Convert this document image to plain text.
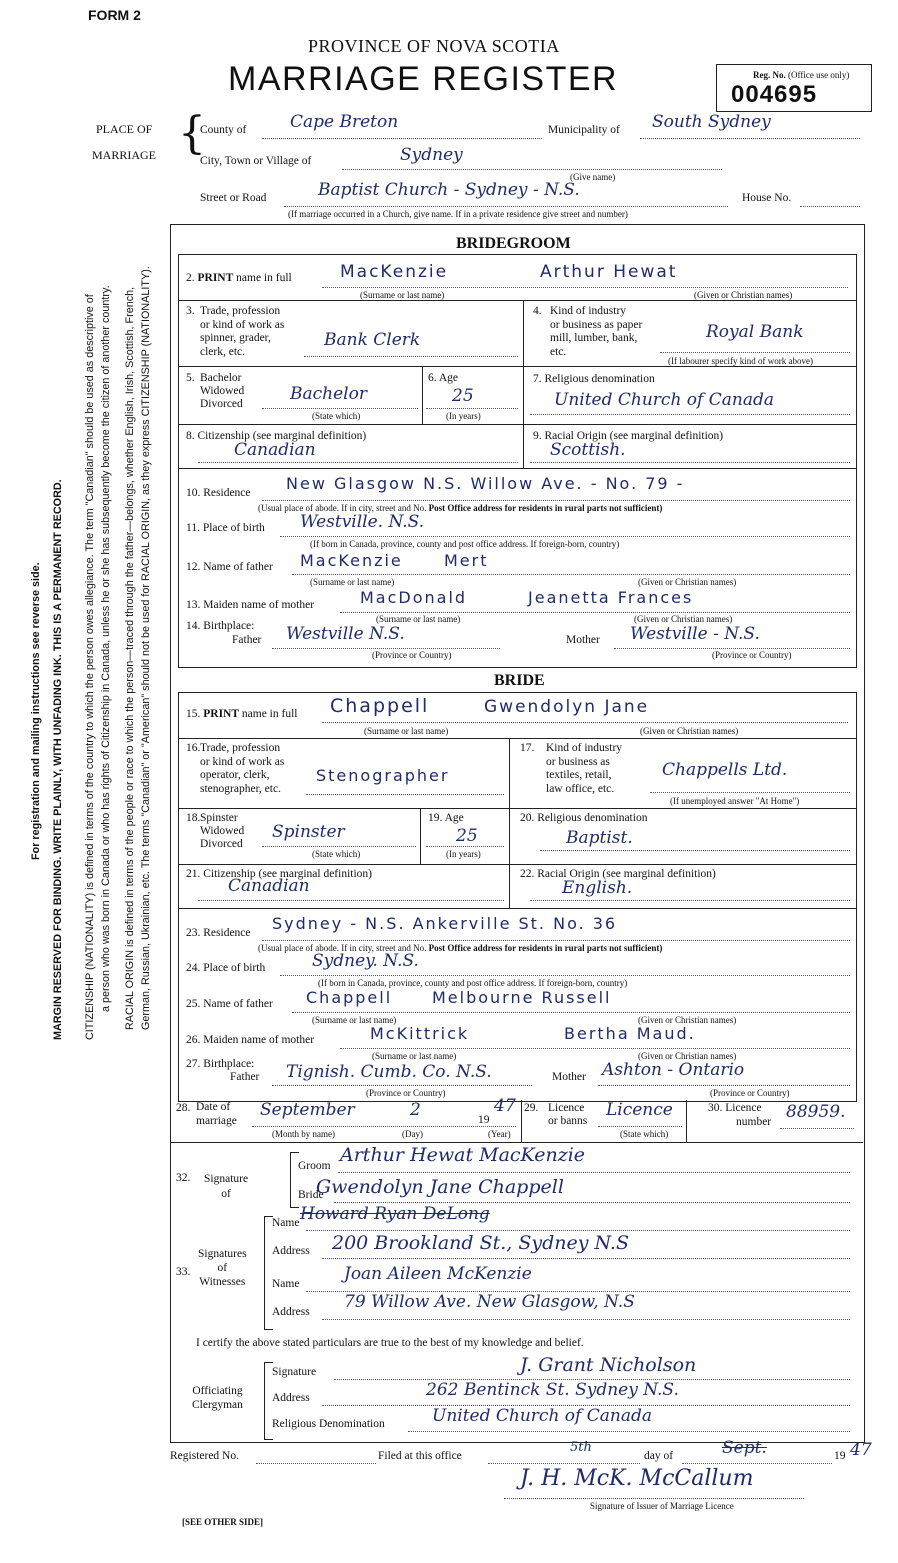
FORM 2
PROVINCE OF NOVA SCOTIA
MARRIAGE REGISTER	Reg. No. (Office use only)
004695
For registration and mailing instructions see reverse side. MARGIN RESERVED FOR BINDING. WRITE PLAINLY, WITH UNFADING INK. THIS IS A PERMANENT RECORD. CITIZENSHIP (NATIONALITY) is defined in terms of the country to which the person owes allegiance. The term "Canadian" should be used as descriptive of a person who was born in Canada or who has rights of Citizenship in Canada, unless he or she has subsequently become the citizen of another country. RACIAL ORIGIN is defined in terms of the people or race to which the person—traced through the father—belongs, whether English, Irish, Scottish, French, German, Russian, Ukrainian, etc. The terms "Canadian" or "American" should not be used for RACIAL ORIGIN, as they express CITIZENSHIP (NATIONALITY).
PLACE OF
MARRIAGE {
County of	Cape Breton	Municipality of South Sydney
City, Town or Village of	Sydney
(Give name)
Street or Road	Baptist Church - Sydney - N.S.	House No.
(If marriage occurred in a Church, give name. If in a private residence give street and number)
BRIDEGROOM
2. PRINT name in full	MacKenzie	Arthur Hewat
(Surname or last name)	(Given or Christian names)
3. Trade, profession
or kind of work as
spinner, grader,
clerk, etc.
Bank Clerk
4. Kind of industry
or business as paper
mill, lumber, bank,
etc.
Royal Bank
(If labourer specify kind of work above)
5. Bachelor
Widowed
Divorced	Bachelor
(State which)
6. Age
25
(In years)
7. Religious denomination
United Church of Canada
8. Citizenship (see marginal definition)
Canadian
9. Racial Origin (see marginal definition)
Scottish.
10. Residence New Glasgow N.S. Willow Ave. - No. 79 -
(Usual place of abode. If in city, street and No. Post Office address for residents in rural parts not sufficient)
11. Place of birth Westville. N.S.
(If born in Canada, province, county and post office address. If foreign-born, country)
12. Name of father MacKenzie	Mert
(Surname or last name)	(Given or Christian names)
13. Maiden name of mother	MacDonald	Jeanetta Frances
(Surname or last name)	(Given or Christian names)
14. Birthplace:
Father Westville N.S.
(Province or Country)
Mother Westville - N.S.
(Province or Country)
BRIDE
15. PRINT name in full Chappell	Gwendolyn Jane
(Surname or last name)	(Given or Christian names)
16. Trade, profession
or kind of work as
operator, clerk,
stenographer, etc.
Stenographer
17. Kind of industry
or business as
textiles, retail,
law office, etc.
Chappells Ltd.
(If unemployed answer "At Home")
18. Spinster
Widowed
Divorced
Spinster
(State which)
19. Age
25
(In years)
20. Religious denomination
Baptist.
21. Citizenship (see marginal definition)
Canadian
22. Racial Origin (see marginal definition)
English.
23. Residence Sydney - N.S. Ankerville St. No. 36
(Usual place of abode. If in city, street and No. Post Office address for residents in rural parts not sufficient)
24. Place of birth	Sydney. N.S.
(If born in Canada, province, county and post office address. If foreign-born, country)
25. Name of father Chappell Melbourne Russell
(Surname or last name)	(Given or Christian names)
26. Maiden name of mother	McKittrick	Bertha Maud.
(Surname or last name)	(Given or Christian names)
27. Birthplace:
Father Tignish. Cumb. Co. N.S.
(Province or Country)
Mother Ashton - Ontario
(Province or Country)
28. Date of
marriage
September	2	19
47
(Month by name)	(Day)	(Year)
29. Licence
or banns
Licence
(State which)
30. Licence
number 88959.
32. Signature
of
Groom Arthur Hewat MacKenzie
Bride
Gwendolyn Jane Chappell
33.
Signatures
of
Witnesses
Name Howard Ryan DeLong
Address 200 Brookland St., Sydney N.S
Name	Joan Aileen McKenzie
Address 79 Willow Ave. New Glasgow, N.S
I certify the above stated particulars are true to the best of my knowledge and belief.
Officiating
Clergyman
Signature	J. Grant Nicholson
Address	262 Bentinck St. Sydney N.S.
Religious Denomination	United Church of Canada
Registered No.	Filed at this office
5th
day of	Sept.	19 47
J. H. McK. McCallum
Signature of Issuer of Marriage Licence
[SEE OTHER SIDE]
